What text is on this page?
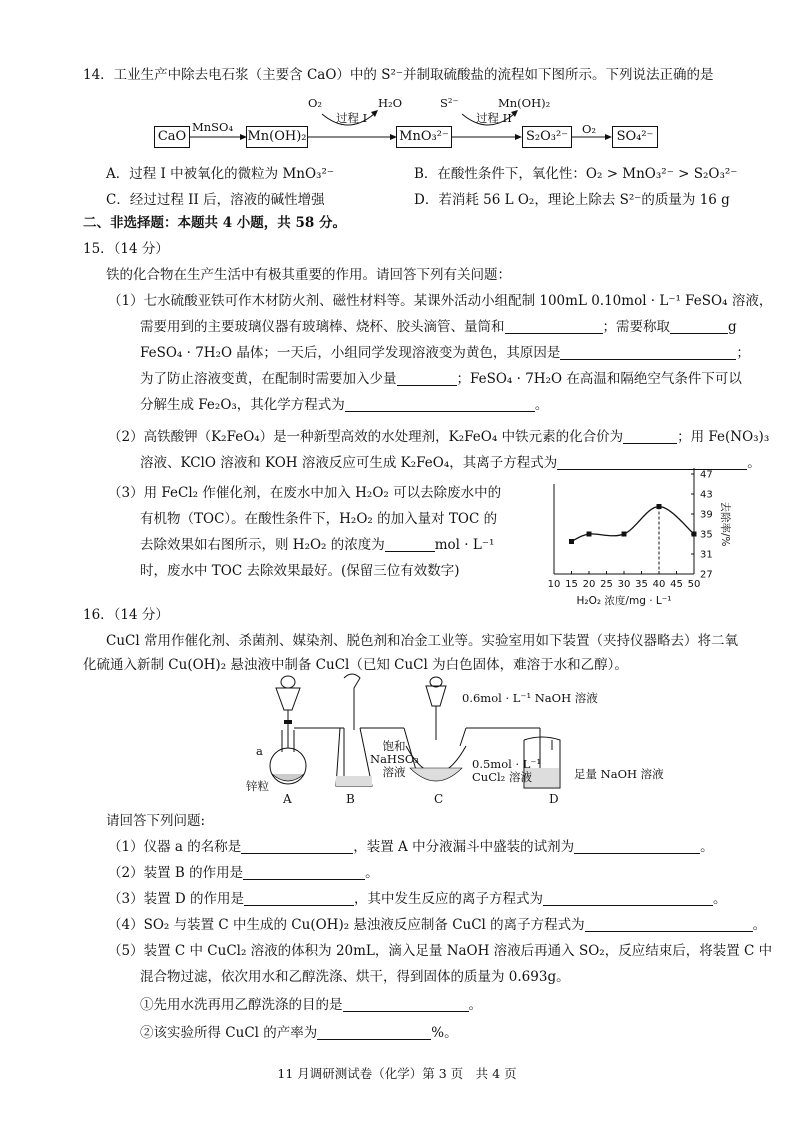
14．工业生产中除去电石浆（主要含 CaO）中的 S²⁻并制取硫酸盐的流程如下图所示。下列说法正确的是
CaO	Mn(OH)₂	MnO₃²⁻	S₂O₃²⁻	SO₄²⁻
MnSO₄
O₂
过程 I
H₂O	S²⁻
过程 II
Mn(OH)₂
O₂
A．过程 I 中被氧化的微粒为 MnO₃²⁻	B．在酸性条件下，氧化性：O₂ > MnO₃²⁻ > S₂O₃²⁻
C．经过过程 II 后，溶液的碱性增强	D．若消耗 56 L O₂，理论上除去 S²⁻的质量为 16 g
二、非选择题：本题共 4 小题，共 58 分。
15．（14 分）
铁的化合物在生产生活中有极其重要的作用。请回答下列有关问题：
（1）七水硫酸亚铁可作木材防火剂、磁性材料等。某课外活动小组配制 100mL 0.10mol · L⁻¹ FeSO₄ 溶液，
需要用到的主要玻璃仪器有玻璃棒、烧杯、胶头滴管、量筒和	；需要称取	g
FeSO₄ · 7H₂O 晶体；一天后，小组同学发现溶液变为黄色，其原因是	；
为了防止溶液变黄，在配制时需要加入少量	；FeSO₄ · 7H₂O 在高温和隔绝空气条件下可以
分解生成 Fe₂O₃，其化学方程式为	。
（2）高铁酸钾（K₂FeO₄）是一种新型高效的水处理剂，K₂FeO₄ 中铁元素的化合价为	；用 Fe(NO₃)₃
溶液、KClO 溶液和 KOH 溶液反应可生成 K₂FeO₄，其离子方程式为	。
（3）用 FeCl₂ 作催化剂，在废水中加入 H₂O₂ 可以去除废水中的
有机物（TOC）。在酸性条件下，H₂O₂ 的加入量对 TOC 的
去除效果如右图所示，则 H₂O₂ 的浓度为	mol · L⁻¹
时，废水中 TOC 去除效果最好。(保留三位有效数字)
10 15 20 25 30 35 40 45 50
27
31
35
39
43
47
H₂O₂ 浓度/mg · L⁻¹
去除率/%
16．（14 分）
CuCl 常用作催化剂、杀菌剂、媒染剂、脱色剂和冶金工业等。实验室用如下装置（夹持仪器略去）将二氧
化硫通入新制 Cu(OH)₂ 悬浊液中制备 CuCl（已知 CuCl 为白色固体，难溶于水和乙醇）。
a
锌粒
饱和 NaHSO₃ 溶液
0.6mol · L⁻¹ NaOH 溶液
0.5mol · L⁻¹ CuCl₂ 溶液	足量 NaOH 溶液
A	B	C	D
请回答下列问题:
（1）仪器 a 的名称是	，装置 A 中分液漏斗中盛装的试剂为	。
（2）装置 B 的作用是	。
（3）装置 D 的作用是	，其中发生反应的离子方程式为	。
（4）SO₂ 与装置 C 中生成的 Cu(OH)₂ 悬浊液反应制备 CuCl 的离子方程式为	。
（5）装置 C 中 CuCl₂ 溶液的体积为 20mL，滴入足量 NaOH 溶液后再通入 SO₂，反应结束后，将装置 C 中
混合物过滤，依次用水和乙醇洗涤、烘干，得到固体的质量为 0.693g。
①先用水洗再用乙醇洗涤的目的是	。
②该实验所得 CuCl 的产率为	%。
11 月调研测试卷（化学）第 3 页　共 4 页
